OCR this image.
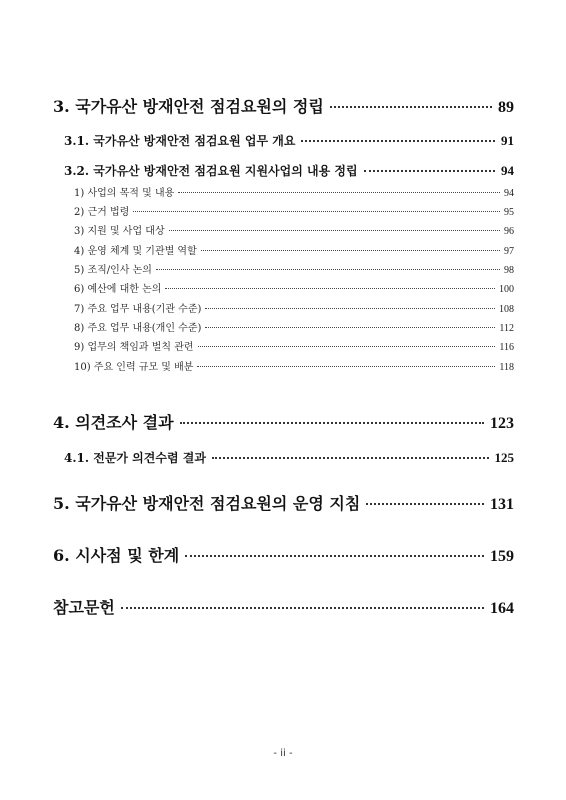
3. 국가유산 방재안전 점검요원의 정립	89
3.1. 국가유산 방재안전 점검요원 업무 개요	91
3.2. 국가유산 방재안전 점검요원 지원사업의 내용 정립	94
1) 사업의 목적 및 내용	94
2) 근거 법령	95
3) 지원 및 사업 대상	96
4) 운영 체계 및 기관별 역할	97
5) 조직/인사 논의	98
6) 예산에 대한 논의	100
7) 주요 업무 내용(기관 수준)	108
8) 주요 업무 내용(개인 수준)	112
9) 업무의 책임과 벌칙 관련	116
10) 주요 인력 규모 및 배분	118
4. 의견조사 결과	123
4.1. 전문가 의견수렴 결과	125
5. 국가유산 방재안전 점검요원의 운영 지침	131
6. 시사점 및 한계	159
참고문헌	164
- ii -
